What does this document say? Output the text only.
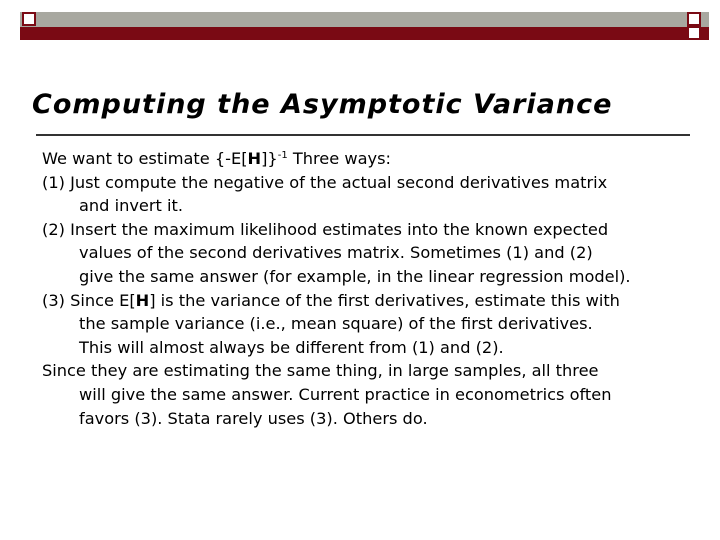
Computing the Asymptotic Variance

We want to estimate $\{-E[H]\}^{-1}$ Three ways:

(1) Just compute the negative of the actual second derivatives matrix
and invert it.

(2) Insert the maximum likelihood estimates into the known expected
values of the second derivatives matrix. Sometimes (1) and (2)
give the same answer (for example, in the linear regression model).

(3) Since E[H] is the variance of the first derivatives, estimate this with
the sample variance (i.e., mean square) of the first derivatives.
This will almost always be different from (1) and (2).

Since they are estimating the same thing, in large samples, all three
will give the same answer. Current practice in econometrics often
favors (3). Stata rarely uses (3). Others do.
